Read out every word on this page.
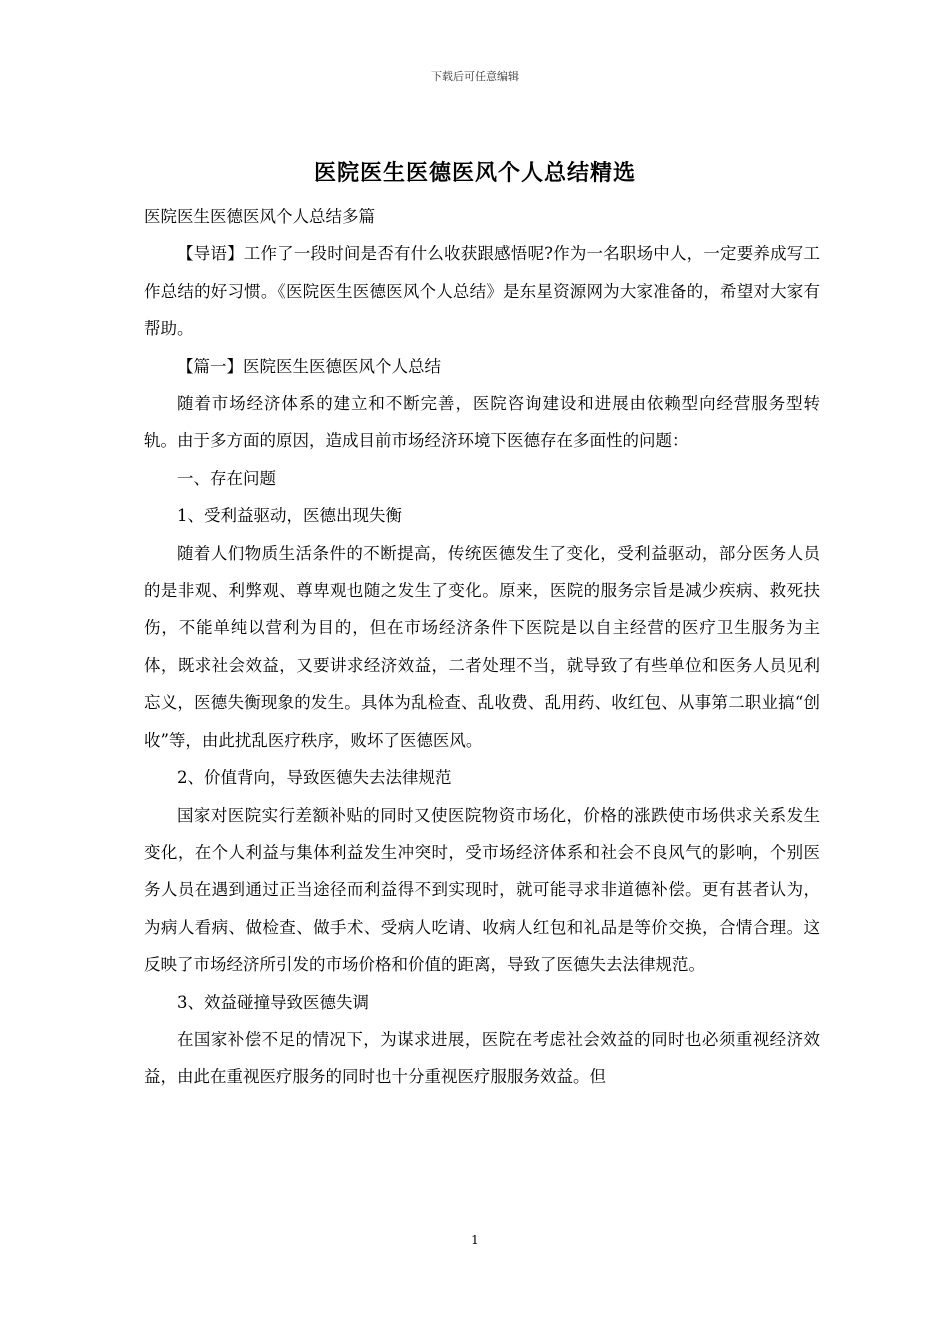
下载后可任意编辑
医院医生医德医风个人总结精选

医院医生医德医风个人总结多篇

【导语】工作了一段时间是否有什么收获跟感悟呢?作为一名职场中人，一定要养成写工作总结的好习惯。《医院医生医德医风个人总结》是东星资源网为大家准备的，希望对大家有帮助。

【篇一】医院医生医德医风个人总结

随着市场经济体系的建立和不断完善，医院咨询建设和进展由依赖型向经营服务型转轨。由于多方面的原因，造成目前市场经济环境下医德存在多面性的问题：

一、存在问题

1、受利益驱动，医德出现失衡

随着人们物质生活条件的不断提高，传统医德发生了变化，受利益驱动，部分医务人员的是非观、利弊观、尊卑观也随之发生了变化。原来，医院的服务宗旨是减少疾病、救死扶伤，不能单纯以营利为目的，但在市场经济条件下医院是以自主经营的医疗卫生服务为主体，既求社会效益，又要讲求经济效益，二者处理不当，就导致了有些单位和医务人员见利忘义，医德失衡现象的发生。具体为乱检查、乱收费、乱用药、收红包、从事第二职业搞“创收”等，由此扰乱医疗秩序，败坏了医德医风。

2、价值背向，导致医德失去法律规范

国家对医院实行差额补贴的同时又使医院物资市场化，价格的涨跌使市场供求关系发生变化，在个人利益与集体利益发生冲突时，受市场经济体系和社会不良风气的影响，个别医务人员在遇到通过正当途径而利益得不到实现时，就可能寻求非道德补偿。更有甚者认为，为病人看病、做检查、做手术、受病人吃请、收病人红包和礼品是等价交换，合情合理。这反映了市场经济所引发的市场价格和价值的距离，导致了医德失去法律规范。

3、效益碰撞导致医德失调

在国家补偿不足的情况下，为谋求进展，医院在考虑社会效益的同时也必须重视经济效益，由此在重视医疗服务的同时也十分重视医疗服服务效益。但

1
